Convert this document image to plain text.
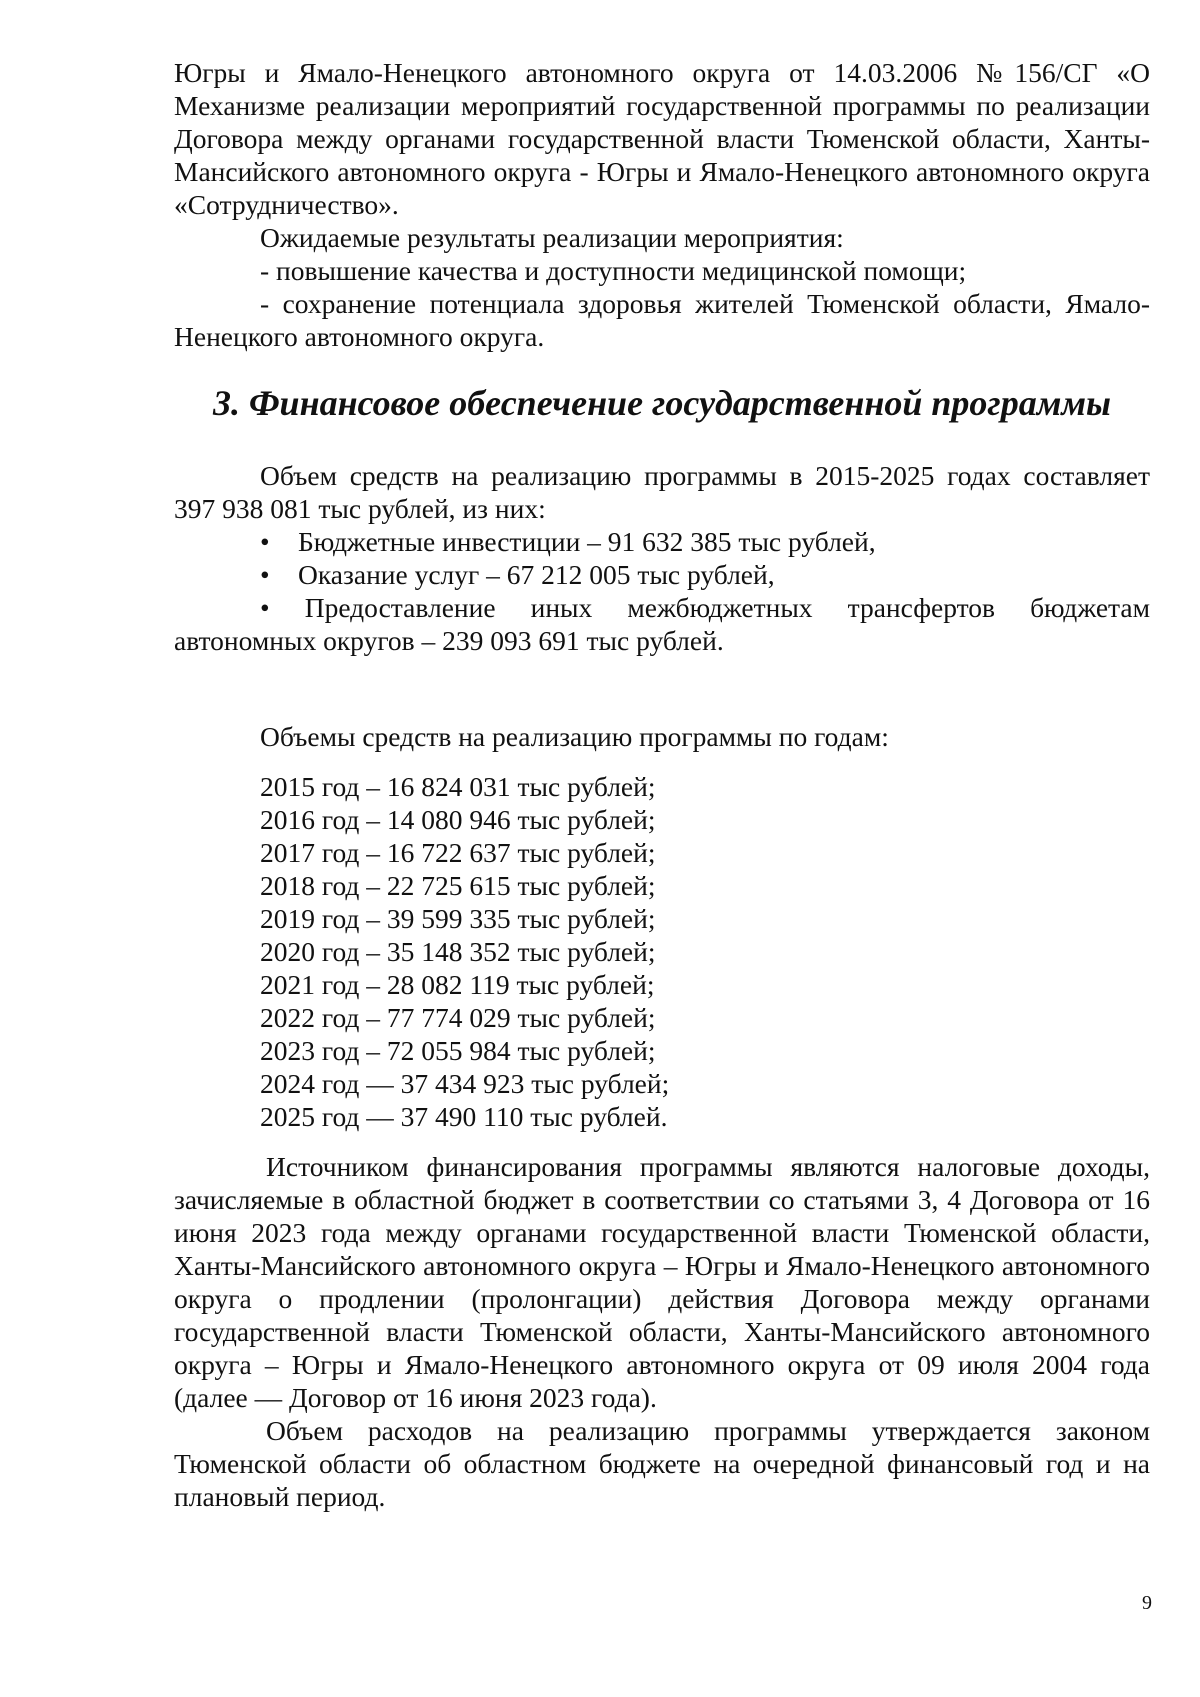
Югры и Ямало-Ненецкого автономного округа от 14.03.2006 №156/СГ «О Механизме реализации мероприятий государственной программы по реализации Договора между органами государственной власти Тюменской области, Ханты-Мансийского автономного округа - Югры и Ямало-Ненецкого автономного округа «Сотрудничество».

Ожидаемые результаты реализации мероприятия:

- повышение качества и доступности медицинской помощи;

- сохранение потенциала здоровья жителей Тюменской области, Ямало-Ненецкого автономного округа.

3. Финансовое обеспечение государственной программы

Объем средств на реализацию программы в 2015-2025 годах составляет 397 938 081 тыс рублей, из них:

•	Бюджетные инвестиции – 91 632 385 тыс рублей,
•	Оказание услуг – 67 212 005 тыс рублей,
• Предоставление иных межбюджетных трансфертов бюджетам автономных округов – 239 093 691 тыс рублей.

Объемы средств на реализацию программы по годам:

2015 год – 16 824 031 тыс рублей;
2016 год – 14 080 946 тыс рублей;
2017 год – 16 722 637 тыс рублей;
2018 год – 22 725 615 тыс рублей;
2019 год – 39 599 335 тыс рублей;
2020 год – 35 148 352 тыс рублей;
2021 год – 28 082 119 тыс рублей;
2022 год – 77 774 029 тыс рублей;
2023 год – 72 055 984 тыс рублей;
2024 год — 37 434 923 тыс рублей;
2025 год — 37 490 110 тыс рублей.

Источником финансирования программы являются налоговые доходы, зачисляемые в областной бюджет в соответствии со статьями 3, 4 Договора от 16 июня 2023 года между органами государственной власти Тюменской области, Ханты-Мансийского автономного округа – Югры и Ямало-Ненецкого автономного округа о продлении (пролонгации) действия Договора между органами государственной власти Тюменской области, Ханты-Мансийского автономного округа – Югры и Ямало-Ненецкого автономного округа от 09 июля 2004 года (далее — Договор от 16 июня 2023 года).

Объем расходов на реализацию программы утверждается законом Тюменской области об областном бюджете на очередной финансовый год и на плановый период.

9
